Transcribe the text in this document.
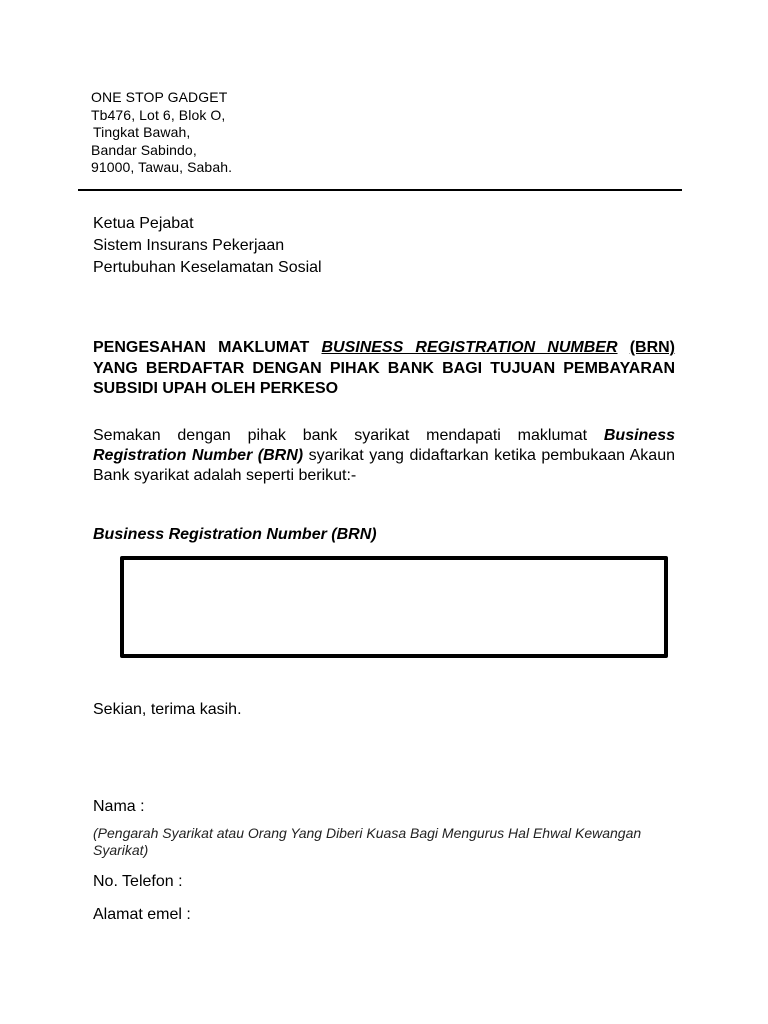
ONE STOP GADGET
Tb476, Lot 6, Blok O,
Tingkat Bawah,
Bandar Sabindo,
91000, Tawau, Sabah.
Ketua Pejabat
Sistem Insurans Pekerjaan
Pertubuhan Keselamatan Sosial
PENGESAHAN MAKLUMAT BUSINESS REGISTRATION NUMBER (BRN) YANG BERDAFTAR DENGAN PIHAK BANK BAGI TUJUAN PEMBAYARAN SUBSIDI UPAH OLEH PERKESO
Semakan dengan pihak bank syarikat mendapati maklumat Business Registration Number (BRN) syarikat yang didaftarkan ketika pembukaan Akaun Bank syarikat adalah seperti berikut:-
Business Registration Number (BRN)
Sekian, terima kasih.
Nama :
(Pengarah Syarikat atau Orang Yang Diberi Kuasa Bagi Mengurus Hal Ehwal Kewangan Syarikat)
No. Telefon :
Alamat emel :
